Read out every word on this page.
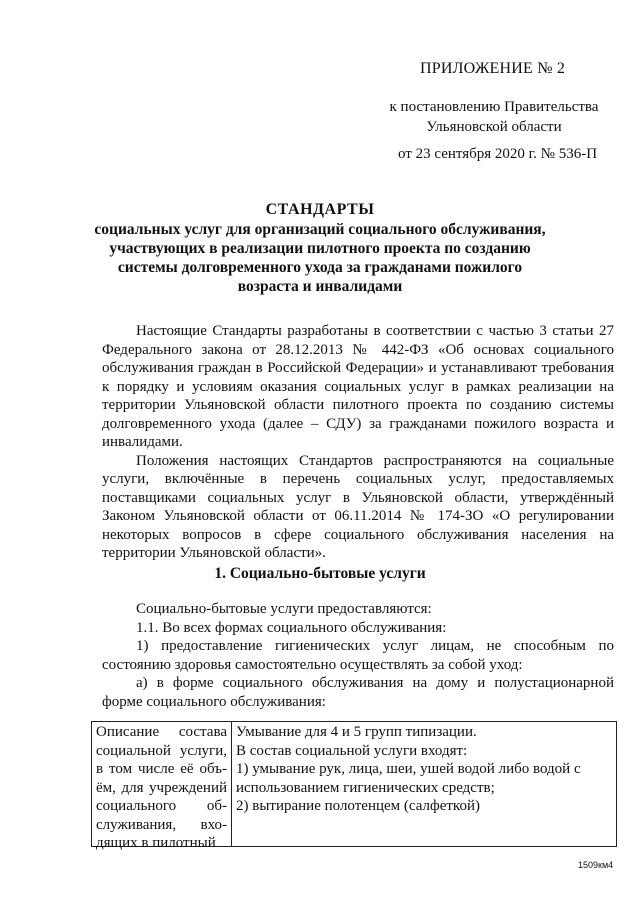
ПРИЛОЖЕНИЕ № 2
к постановлению Правительства
Ульяновской области
от 23 сентября 2020 г. № 536-П
СТАНДАРТЫ
социальных услуг для организаций социального обслуживания,
участвующих в реализации пилотного проекта по созданию
системы долговременного ухода за гражданами пожилого
возраста и инвалидами

Настоящие Стандарты разработаны в соответствии с частью 3 статьи 27 Федерального закона от 28.12.2013 № 442-ФЗ «Об основах социального обслуживания граждан в Российской Федерации» и устанавливают требования к порядку и условиям оказания социальных услуг в рамках реализации на территории Ульяновской области пилотного проекта по созданию системы долговременного ухода (далее – СДУ) за гражданами пожилого возраста и инвалидами.

Положения настоящих Стандартов распространяются на социальные услуги, включённые в перечень социальных услуг, предоставляемых поставщиками социальных услуг в Ульяновской области, утверждённый Законом Ульяновской области от 06.11.2014 № 174-ЗО «О регулировании некоторых вопросов в сфере социального обслуживания населения на территории Ульяновской области».

1. Социально-бытовые услуги

Социально-бытовые услуги предоставляются:

1.1. Во всех формах социального обслуживания:

1) предоставление гигиенических услуг лицам, не способным по состоянию здоровья самостоятельно осуществлять за собой уход:

а) в форме социального обслуживания на дому и полустационарной форме социального обслуживания:

Описание состава социальной услуги, в том числе её объ-ём, для учреждений социального об-служивания, вхо-дящих в пилотный
Умывание для 4 и 5 групп типизации.
В состав социальной услуги входят:
1) умывание рук, лица, шеи, ушей водой либо водой с использованием гигиенических средств;
2) вытирание полотенцем (салфеткой)
1509км4
